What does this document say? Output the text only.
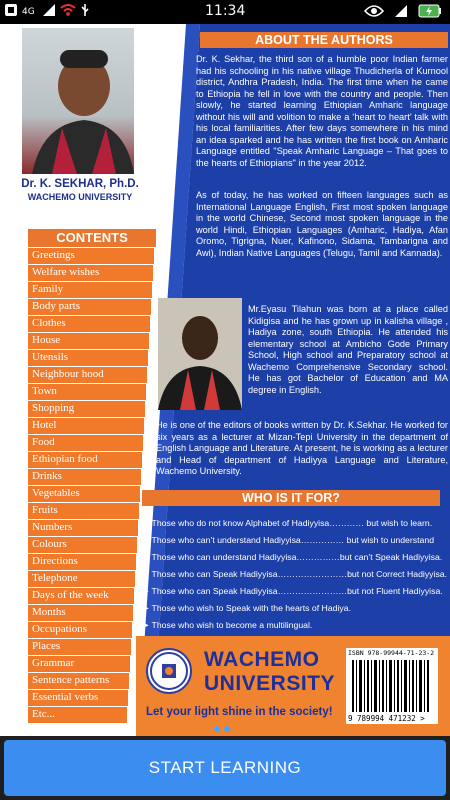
4G	11:34
Dr. K. SEKHAR, Ph.D.
WACHEMO UNIVERSITY
CONTENTS
Greetings
Welfare wishes
Family
Body parts
Clothes
House
Utensils
Neighbour hood
Town
Shopping
Hotel
Food
Ethiopian food
Drinks
Vegetables
Fruits
Numbers
Colours
Directions
Telephone
Days of the week
Months
Occupations
Places
Grammar
Sentence patterns
Essential verbs
Etc...
ABOUT THE AUTHORS
Dr. K. Sekhar, the third son of a humble poor Indian farmer had his schooling in his native village Thudicherla of Kurnool district, Andhra Pradesh, India. The first time when he came to Ethiopia he fell in love with the country and people. Then slowly, he started learning Ethiopian Amharic language without his will and volition to make a ‘heart to heart’ talk with his local familiarities. After few days somewhere in his mind an idea sparked and he has written the first book on Amharic Language entitled "Speak Amharic Language – That goes to the hearts of Ethiopians" in the year 2012.
As of today, he has worked on fifteen languages such as International Language English, First most spoken language in the world Chinese, Second most spoken language in the world Hindi, Ethiopian Languages (Amharic, Hadiya, Afan Oromo, Tigrigna, Nuer, Kafinono, Sidama, Tambarigna and Awi), Indian Native Languages (Telugu, Tamil and Kannada).
Mr.Eyasu Tilahun was born at a place called Kidigisa and he has grown up in kalisha village , Hadiya zone, south Ethiopia. He attended his elementary school at Ambicho Gode Primary School, High school and Preparatory school at Wachemo Comprehensive Secondary school. He has got Bachelor of Education and MA degree in English.
He is one of the editors of books written by Dr. K.Sekhar. He worked for six years as a lecturer at Mizan-Tepi University in the department of English Language and Literature. At present, he is working as a lecturer and Head of department of Hadiyya Language and Literature, Wachemo University.
WHO IS IT FOR?
➤ Those who do not know Alphabet of Hadiyyisa………… but wish to learn.
➤ Those who can’t understand Hadiyyisa…………… but wish to understand
➤ Those who can understand Hadiyyisa……………but can’t Speak Hadiyyisa.
➤ Those who can Speak Hadiyyisa……………………but not Correct Hadiyyisa.
➤ Those who can Speak Hadiyyisa……………………but not Fluent Hadiyyisa.
➤ Those who wish to Speak with the hearts of Hadiya.
➤ Those who wish to become a multilingual.
WACHEMO
UNIVERSITY
Let your light shine in the society!
ISBN 978-99944-71-23-2
9 789994 471232 >
START LEARNING
